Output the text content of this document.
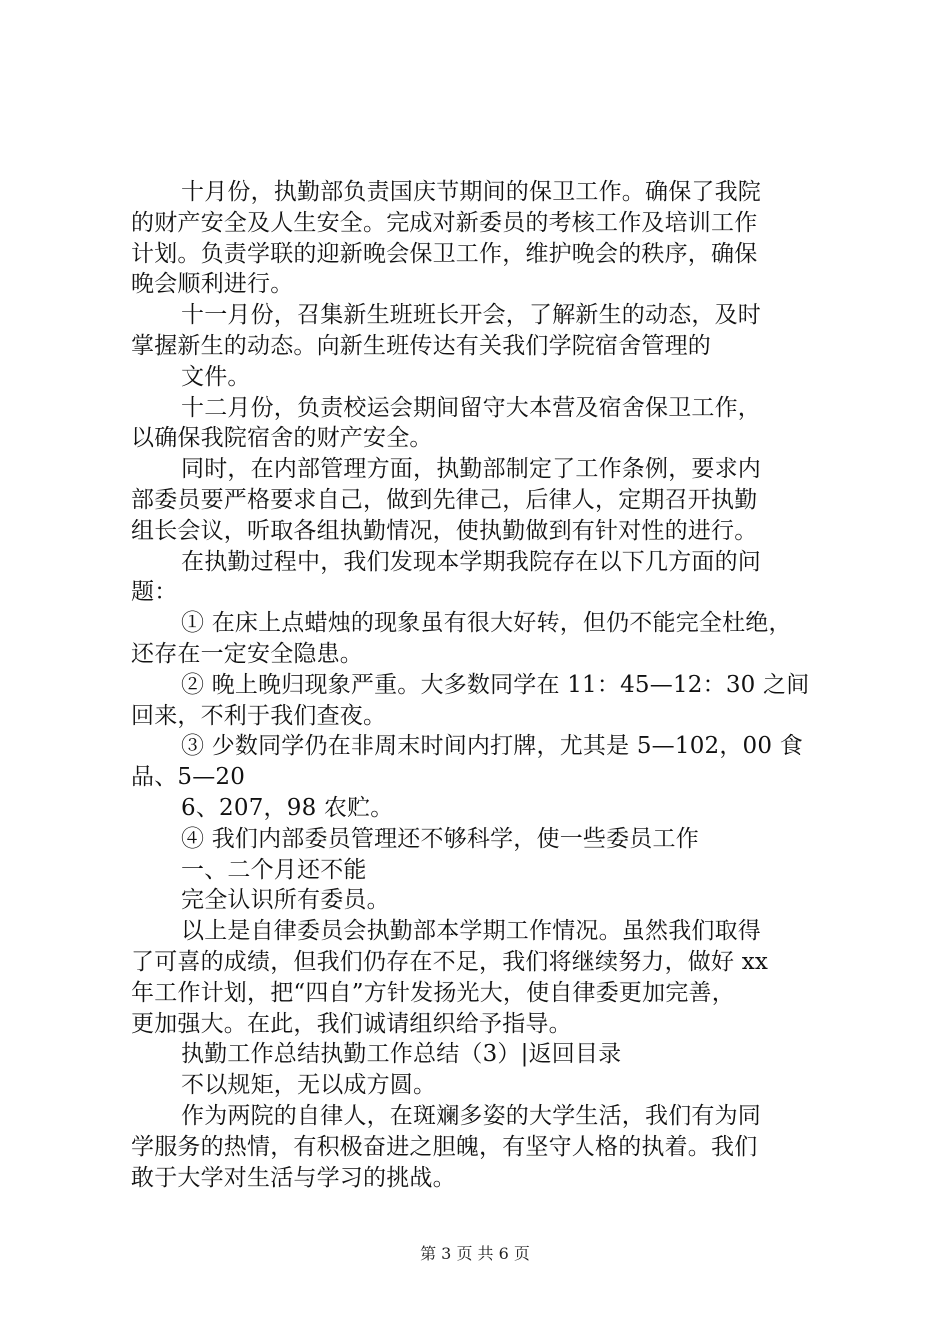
十月份，执勤部负责国庆节期间的保卫工作。确保了我院
的财产安全及人生安全。完成对新委员的考核工作及培训工作
计划。负责学联的迎新晚会保卫工作，维护晚会的秩序，确保
晚会顺利进行。
十一月份，召集新生班班长开会，了解新生的动态，及时
掌握新生的动态。向新生班传达有关我们学院宿舍管理的
文件。
十二月份，负责校运会期间留守大本营及宿舍保卫工作，
以确保我院宿舍的财产安全。
同时，在内部管理方面，执勤部制定了工作条例，要求内
部委员要严格要求自己，做到先律己，后律人，定期召开执勤
组长会议，听取各组执勤情况，使执勤做到有针对性的进行。
在执勤过程中，我们发现本学期我院存在以下几方面的问
题：
① 在床上点蜡烛的现象虽有很大好转，但仍不能完全杜绝，
还存在一定安全隐患。
② 晚上晚归现象严重。大多数同学在 11：45—12：30 之间
回来，不利于我们查夜。
③ 少数同学仍在非周末时间内打牌，尤其是 5—102，00 食
品、5—20
6、207，98 农贮。
④ 我们内部委员管理还不够科学，使一些委员工作
一、二个月还不能
完全认识所有委员。
以上是自律委员会执勤部本学期工作情况。虽然我们取得
了可喜的成绩，但我们仍存在不足，我们将继续努力，做好 xx
年工作计划，把“四自”方针发扬光大，使自律委更加完善，
更加强大。在此，我们诚请组织给予指导。
执勤工作总结执勤工作总结（3）|返回目录
不以规矩，无以成方圆。
作为两院的自律人，在斑斓多姿的大学生活，我们有为同
学服务的热情，有积极奋进之胆魄，有坚守人格的执着。我们
敢于大学对生活与学习的挑战。
第 3 页 共 6 页
